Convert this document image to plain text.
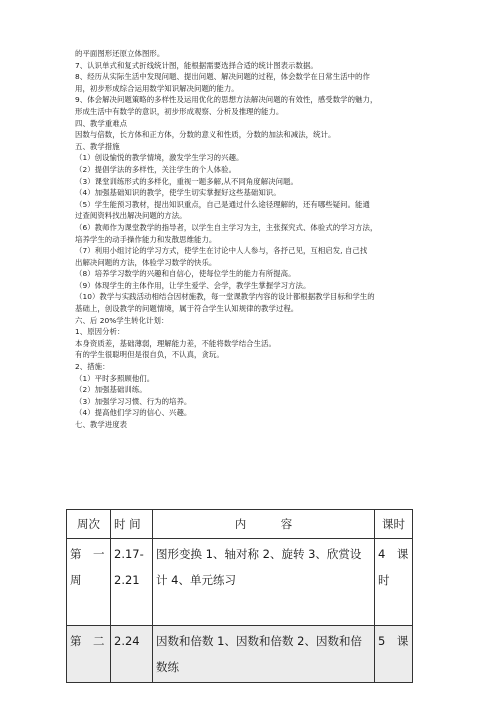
的平面图形还原立体图形。
7、认识单式和复式折线统计图，能根据需要选择合适的统计图表示数据。
8、经历从实际生活中发现问题、提出问题、解决问题的过程，体会数学在日常生活中的作
用，初步形成综合运用数学知识解决问题的能力。
9、体会解决问题策略的多样性及运用优化的思想方法解决问题的有效性，感受数学的魅力，
形成生活中有数学的意识，初步形成观察、分析及推理的能力。
四、教学重难点
因数与倍数，长方体和正方体，分数的意义和性质，分数的加法和减法，统计。
五、教学措施
（1）创设愉悦的教学情境，激发学生学习的兴趣。
（2）提倡学法的多样性，关注学生的个人体验。
（3）课堂训练形式的多样化，重视一题多解,从不同角度解决问题。
（4）加强基础知识的教学，使学生切实掌握好这些基础知识。
（5）学生能预习教材，提出知识重点，自己是通过什么途径理解的，还有哪些疑问。能通
过查阅资料找出解决问题的方法。
（6）教师作为课堂教学的指导者，以学生自主学习为主，主张探究式、体验式的学习方法，
培养学生的动手操作能力和发散思维能力。
（7）利用小组讨论的学习方式，使学生在讨论中人人参与，各抒己见，互相启发, 自己找
出解决问题的方法，体验学习数学的快乐。
（8）培养学习数学的兴趣和自信心，使每位学生的能力有所提高。
（9）体现学生的主体作用，让学生爱学、会学，教学生掌握学习方法。
（10）教学与实践活动相结合因材施教，每一堂课教学内容的设计都根据教学目标和学生的
基础上，创设教学的问题情境，属于符合学生认知规律的教学过程。
六、后 20%学生转化计划：
1、原因分析：
本身资质差，基础薄弱，理解能力差，不能将数学结合生活。
有的学生很聪明但是很自负，不认真，贪玩。
2、措施：
（1）平时多照顾他们。
（2）加强基础训练。
（3）加强学习习惯、行为的培养。
（4）提高他们学习的信心、兴趣。
七、教学进度表
周次	时 间	内　　　容	课时

第　一　周	2.17-2.21	图形变换 1、轴对称 2、旋转 3、欣赏设计 4、单元练习	4　课时

第　二	2.24	因数和倍数 1、因数和倍数 2、因数和倍数练	5　课
